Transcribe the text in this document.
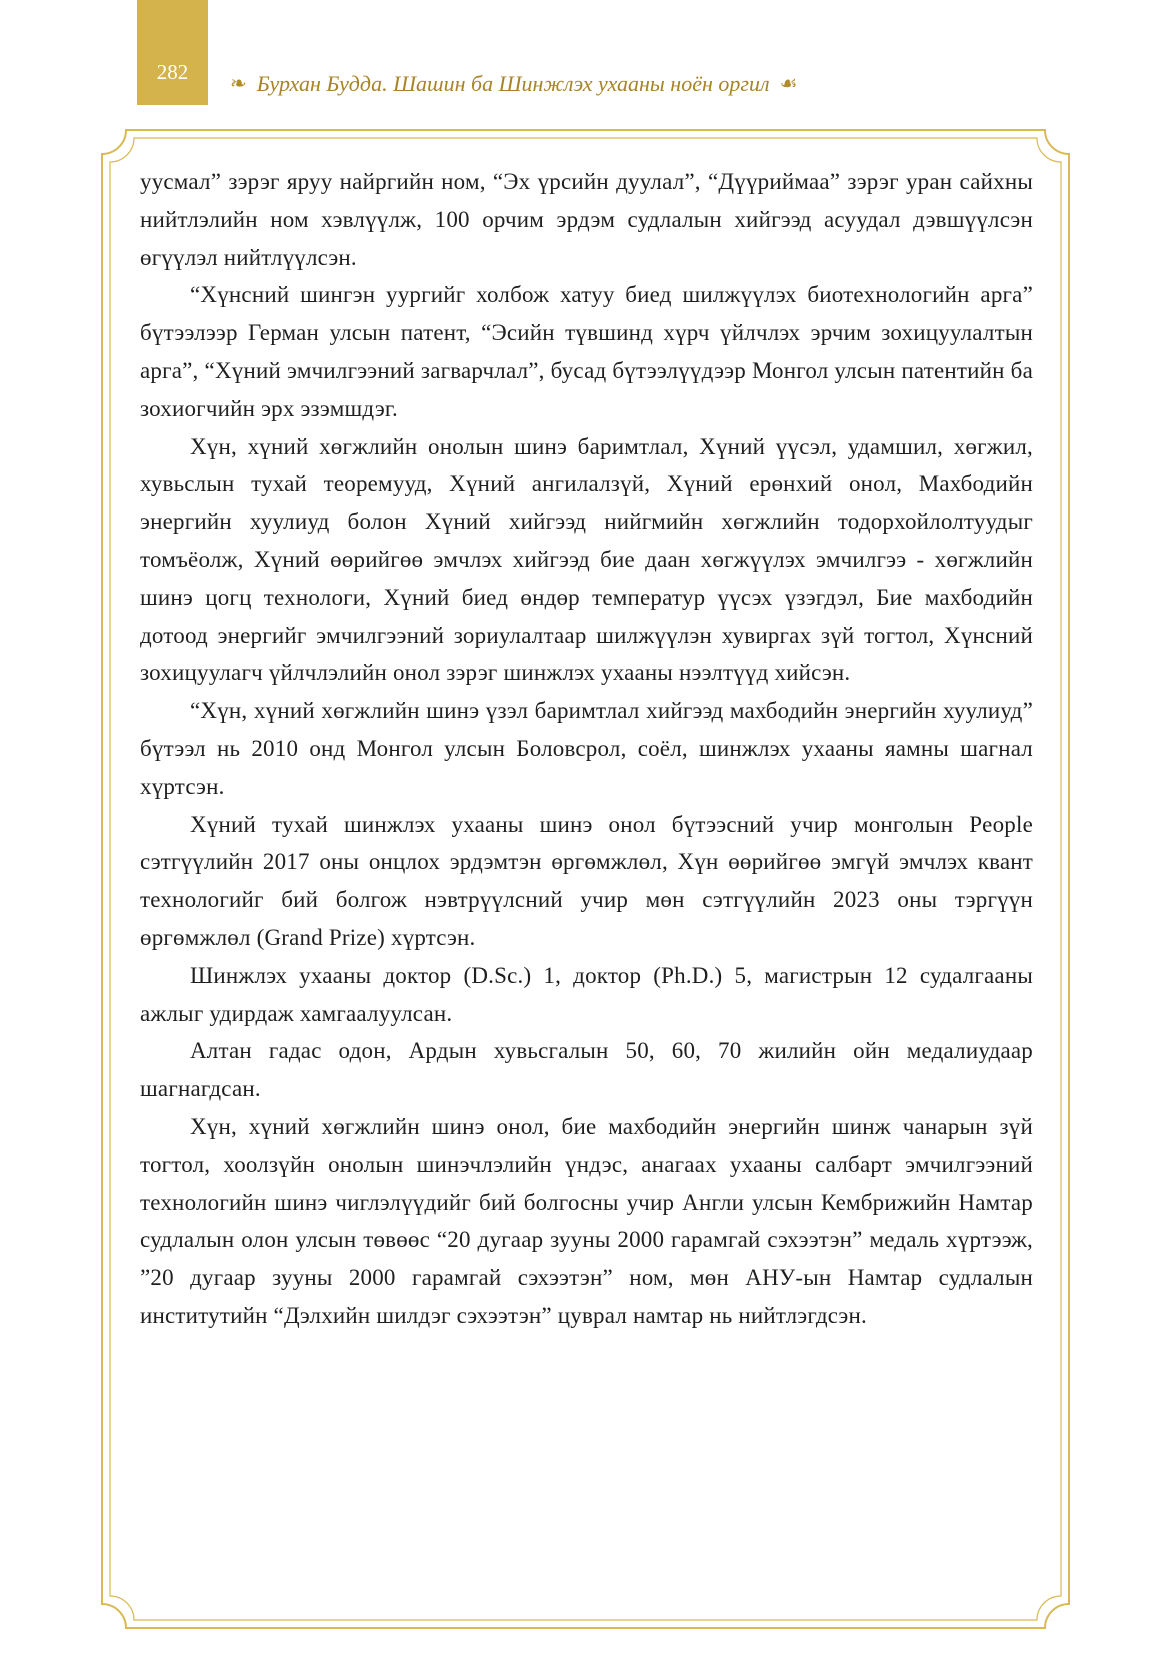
282	❧ Бурхан Будда. Шашин ба Шинжлэх ухааны ноён оргил ☙

уусмал” зэрэг яруу найргийн ном, “Эх үрсийн дуулал”, “Дүүриймаа” зэрэг уран сайхны нийтлэлийн ном хэвлүүлж, 100 орчим эрдэм судлалын хийгээд асуудал дэвшүүлсэн өгүүлэл нийтлүүлсэн.

“Хүнсний шингэн уургийг холбож хатуу биед шилжүүлэх биотехнологийн арга” бүтээлээр Герман улсын патент, “Эсийн түвшинд хүрч үйлчлэх эрчим зохицуулалтын арга”, “Хүний эмчилгээний загварчлал”, бусад бүтээлүүдээр Монгол улсын патентийн ба зохиогчийн эрх эзэмшдэг.

Хүн, хүний хөгжлийн онолын шинэ баримтлал, Хүний үүсэл, удамшил, хөгжил, хувьслын тухай теоремууд, Хүний ангилалзүй, Хүний ерөнхий онол, Махбодийн энергийн хуулиуд болон Хүний хийгээд нийгмийн хөгжлийн тодорхойлолтуудыг томъёолж, Хүний өөрийгөө эмчлэх хийгээд бие даан хөгжүүлэх эмчилгээ - хөгжлийн шинэ цогц технологи, Хүний биед өндөр температур үүсэх үзэгдэл, Бие махбодийн дотоод энергийг эмчилгээний зориулалтаар шилжүүлэн хувиргах зүй тогтол, Хүнсний зохицуулагч үйлчлэлийн онол зэрэг шинжлэх ухааны нээлтүүд хийсэн.

“Хүн, хүний хөгжлийн шинэ үзэл баримтлал хийгээд махбодийн энергийн хуулиуд” бүтээл нь 2010 онд Монгол улсын Боловсрол, соёл, шинжлэх ухааны яамны шагнал хүртсэн.

Хүний тухай шинжлэх ухааны шинэ онол бүтээсний учир монголын People сэтгүүлийн 2017 оны онцлох эрдэмтэн өргөмжлөл, Хүн өөрийгөө эмгүй эмчлэх квант технологийг бий болгож нэвтрүүлсний учир мөн сэтгүүлийн 2023 оны тэргүүн өргөмжлөл (Grand Prize) хүртсэн.

Шинжлэх ухааны доктор (D.Sc.) 1, доктор (Ph.D.) 5, магистрын 12 судалгааны ажлыг удирдаж хамгаалуулсан.

Алтан гадас одон, Ардын хувьсгалын 50, 60, 70 жилийн ойн медалиудаар шагнагдсан.

Хүн, хүний хөгжлийн шинэ онол, бие махбодийн энергийн шинж чанарын зүй тогтол, хоолзүйн онолын шинэчлэлийн үндэс, анагаах ухааны салбарт эмчилгээний технологийн шинэ чиглэлүүдийг бий болгосны учир Англи улсын Кембрижийн Намтар судлалын олон улсын төвөөс “20 дугаар зууны 2000 гарамгай сэхээтэн” медаль хүртээж, ”20 дугаар зууны 2000 гарамгай сэхээтэн” ном, мөн АНУ-ын Намтар судлалын институтийн “Дэлхийн шилдэг сэхээтэн” цуврал намтар нь нийтлэгдсэн.
